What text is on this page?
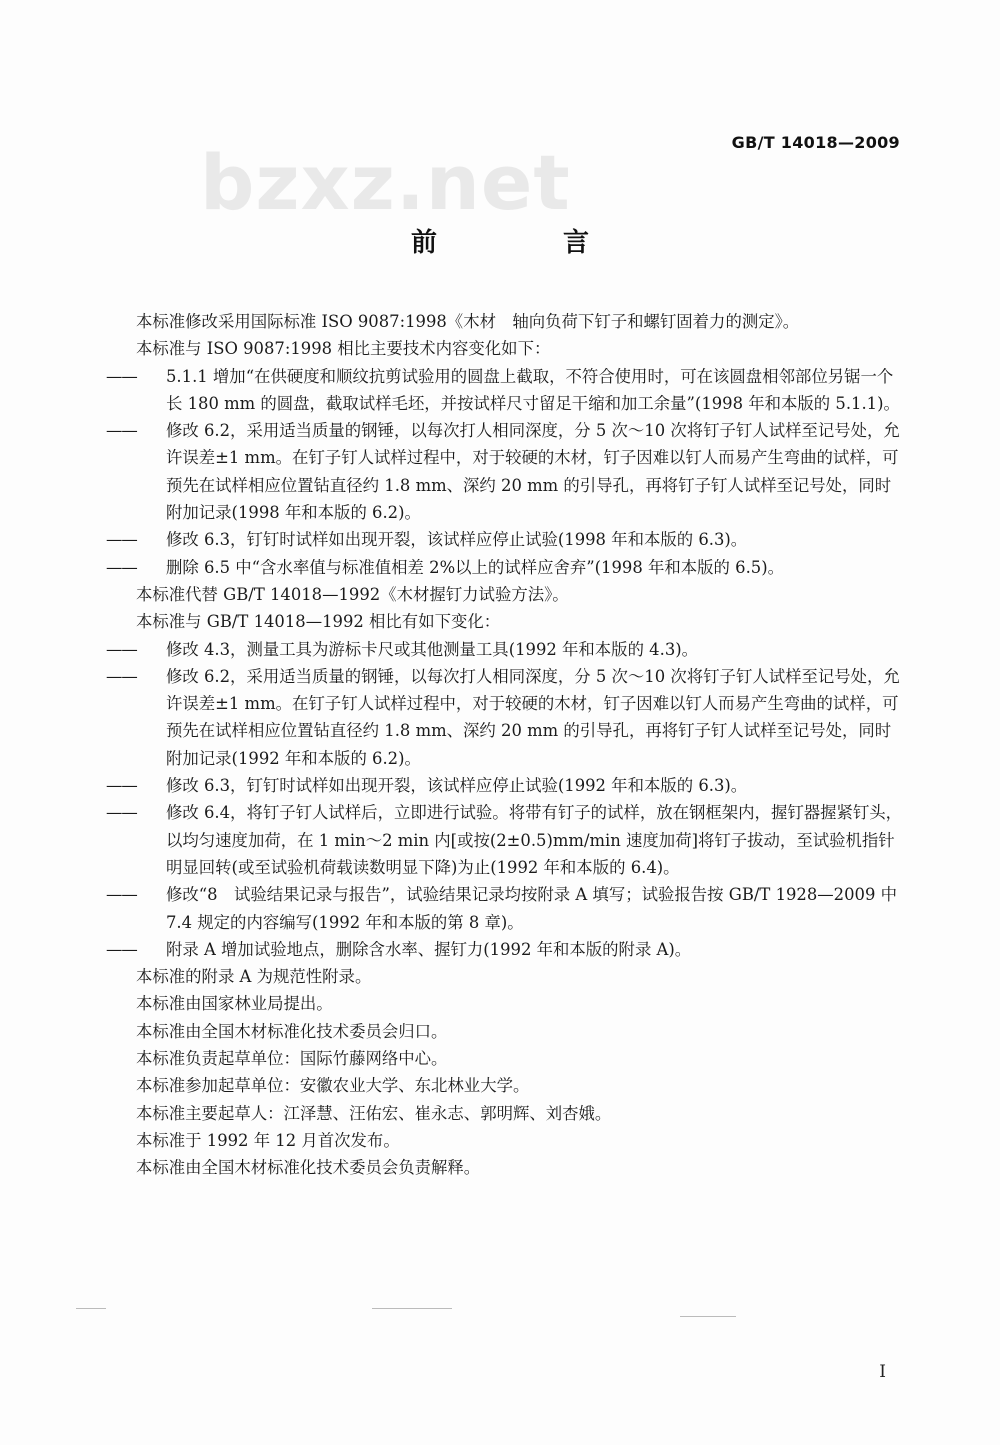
bzxz.net	GB/T 14018—2009
前　言
本标准修改采用国际标准 ISO 9087:1998《木材　轴向负荷下钉子和螺钉固着力的测定》。
本标准与 ISO 9087:1998 相比主要技术内容变化如下：
—— 5.1.1 增加“在供硬度和顺纹抗剪试验用的圆盘上截取，不符合使用时，可在该圆盘相邻部位另锯一个长 180 mm 的圆盘，截取试样毛坯，并按试样尺寸留足干缩和加工余量”(1998 年和本版的 5.1.1)。
—— 修改 6.2，采用适当质量的钢锤，以每次打人相同深度，分 5 次～10 次将钉子钉人试样至记号处，允许误差±1 mm。在钉子钉人试样过程中，对于较硬的木材，钉子因难以钉人而易产生弯曲的试样，可预先在试样相应位置钻直径约 1.8 mm、深约 20 mm 的引导孔，再将钉子钉人试样至记号处，同时附加记录(1998 年和本版的 6.2)。
—— 修改 6.3，钉钉时试样如出现开裂，该试样应停止试验(1998 年和本版的 6.3)。
—— 删除 6.5 中“含水率值与标准值相差 2%以上的试样应舍弃”(1998 年和本版的 6.5)。
本标准代替 GB/T 14018—1992《木材握钉力试验方法》。
本标准与 GB/T 14018—1992 相比有如下变化：
—— 修改 4.3，测量工具为游标卡尺或其他测量工具(1992 年和本版的 4.3)。
—— 修改 6.2，采用适当质量的钢锤，以每次打人相同深度，分 5 次～10 次将钉子钉人试样至记号处，允许误差±1 mm。在钉子钉人试样过程中，对于较硬的木材，钉子因难以钉人而易产生弯曲的试样，可预先在试样相应位置钻直径约 1.8 mm、深约 20 mm 的引导孔，再将钉子钉人试样至记号处，同时附加记录(1992 年和本版的 6.2)。
—— 修改 6.3，钉钉时试样如出现开裂，该试样应停止试验(1992 年和本版的 6.3)。
—— 修改 6.4，将钉子钉人试样后，立即进行试验。将带有钉子的试样，放在钢框架内，握钉器握紧钉头，以均匀速度加荷，在 1 min～2 min 内[或按(2±0.5)mm/min 速度加荷]将钉子拔动，至试验机指针明显回转(或至试验机荷载读数明显下降)为止(1992 年和本版的 6.4)。
—— 修改“8　试验结果记录与报告”，试验结果记录均按附录 A 填写；试验报告按 GB/T 1928—2009 中 7.4 规定的内容编写(1992 年和本版的第 8 章)。
—— 附录 A 增加试验地点，删除含水率、握钉力(1992 年和本版的附录 A)。
本标准的附录 A 为规范性附录。
本标准由国家林业局提出。
本标准由全国木材标准化技术委员会归口。
本标准负责起草单位：国际竹藤网络中心。
本标准参加起草单位：安徽农业大学、东北林业大学。
本标准主要起草人：江泽慧、汪佑宏、崔永志、郭明辉、刘杏娥。
本标准于 1992 年 12 月首次发布。
本标准由全国木材标准化技术委员会负责解释。
I
